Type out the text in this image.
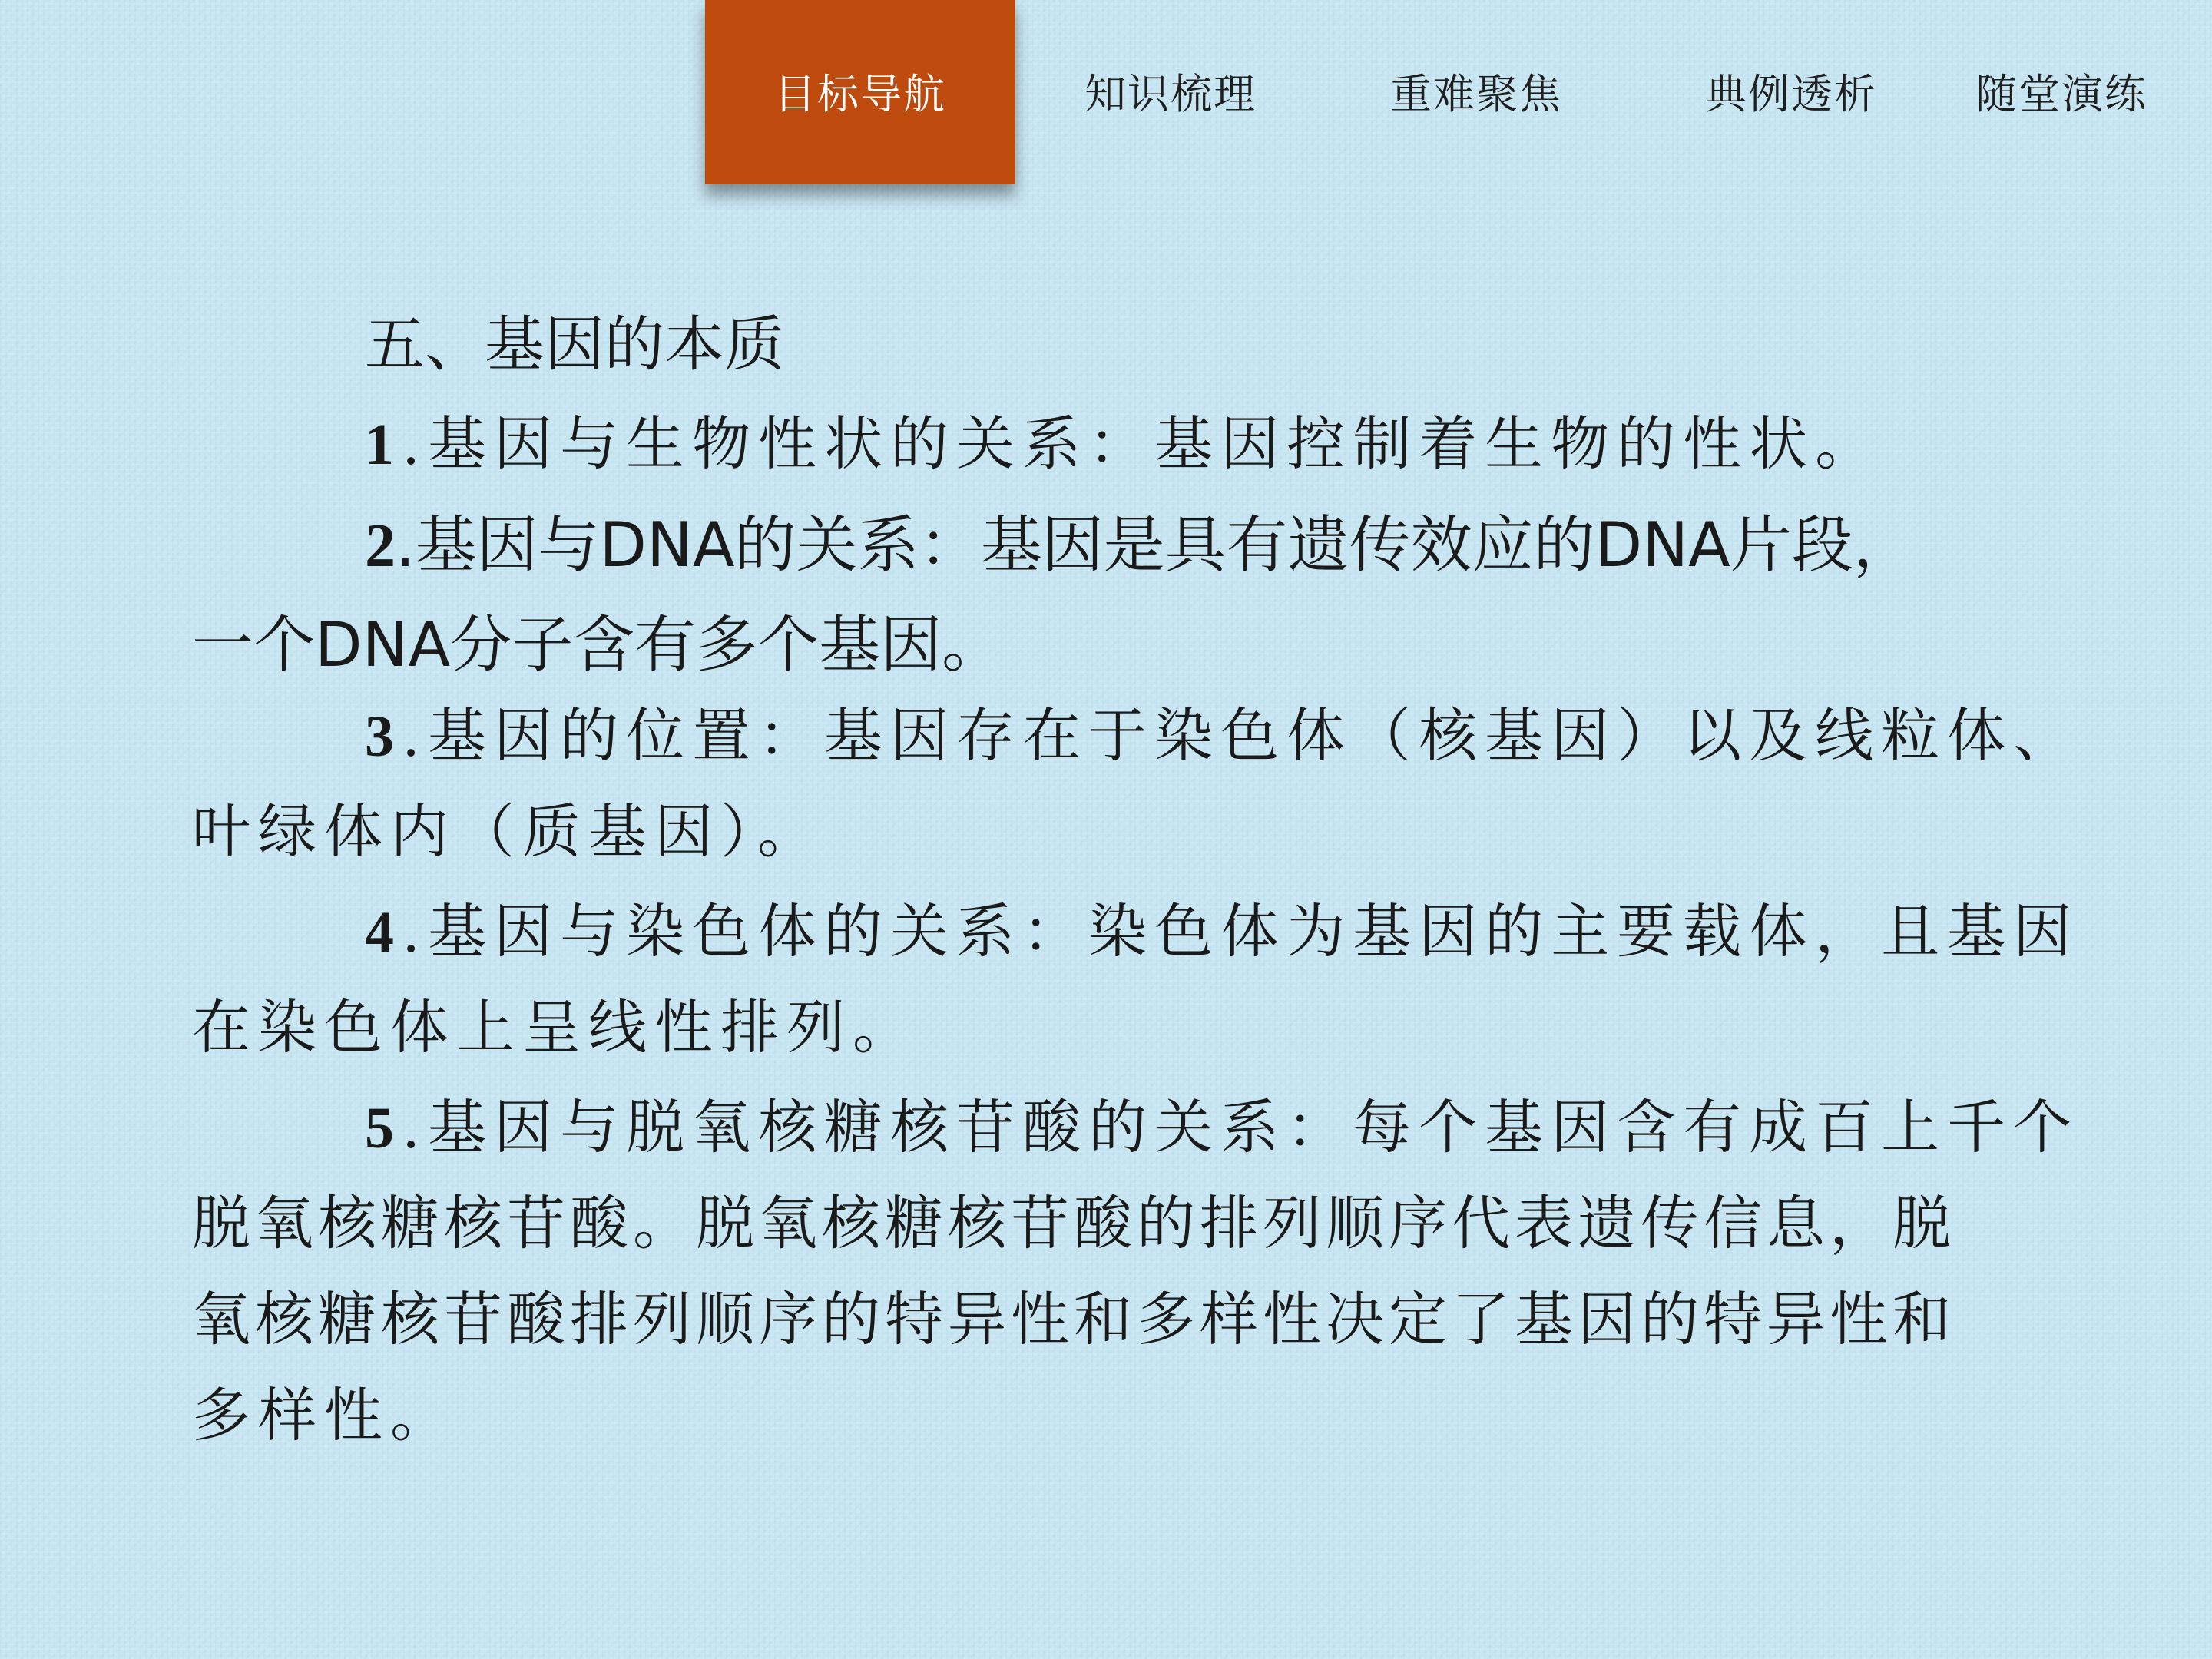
目标导航	知识梳理	重难聚焦	典例透析	随堂演练
五、基因的本质
1.基因与生物性状的关系：基因控制着生物的性状。
2.基因与DNA的关系：基因是具有遗传效应的DNA片段，
一个DNA分子含有多个基因。
3.基因的位置：基因存在于染色体（核基因）以及线粒体、
叶绿体内（质基因）。
4.基因与染色体的关系：染色体为基因的主要载体，且基因
在染色体上呈线性排列。
5.基因与脱氧核糖核苷酸的关系：每个基因含有成百上千个
脱氧核糖核苷酸。脱氧核糖核苷酸的排列顺序代表遗传信息，脱
氧核糖核苷酸排列顺序的特异性和多样性决定了基因的特异性和
多样性。
